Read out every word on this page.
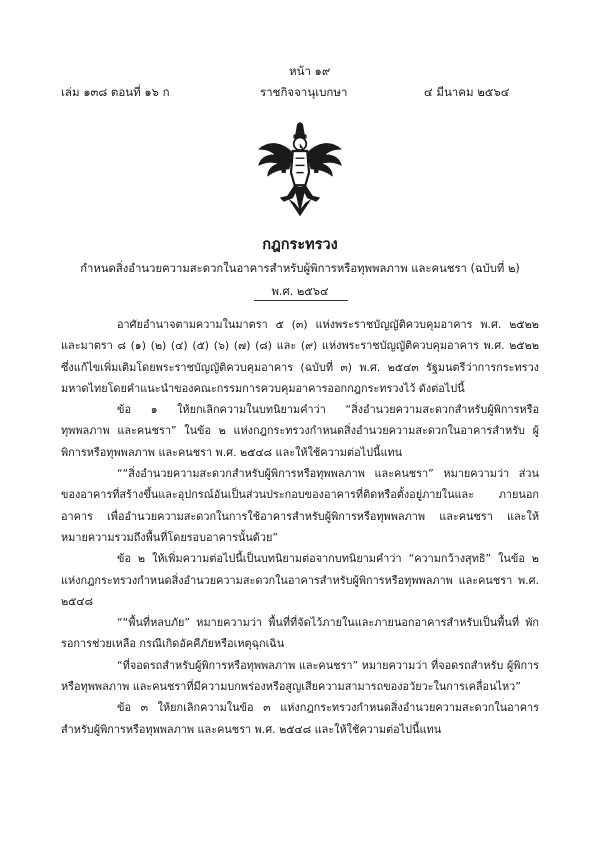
หน้า ๑๙
เล่ม ๑๓๘ ตอนที่ ๑๖ ก	ราชกิจจานุเบกษา	๔ มีนาคม ๒๕๖๔
กฎกระทรวง
กำหนดสิ่งอำนวยความสะดวกในอาคารสำหรับผู้พิการหรือทุพพลภาพ และคนชรา (ฉบับที่ ๒)
พ.ศ. ๒๕๖๔

อาศัยอำนาจตามความในมาตรา ๕ (๓) แห่งพระราชบัญญัติควบคุมอาคาร พ.ศ. ๒๕๒๒ และมาตรา ๘ (๑) (๒) (๔) (๕) (๖) (๗) (๘) และ (๙) แห่งพระราชบัญญัติควบคุมอาคาร พ.ศ. ๒๕๒๒ ซึ่งแก้ไขเพิ่มเติมโดยพระราชบัญญัติควบคุมอาคาร (ฉบับที่ ๓) พ.ศ. ๒๕๔๓ รัฐมนตรีว่าการกระทรวงมหาดไทยโดยคำแนะนำของคณะกรรมการควบคุมอาคารออกกฎกระทรวงไว้ ดังต่อไปนี้

ข้อ ๑ ให้ยกเลิกความในบทนิยามคำว่า “สิ่งอำนวยความสะดวกสำหรับผู้พิการหรือ ทุพพลภาพ และคนชรา” ในข้อ ๒ แห่งกฎกระทรวงกำหนดสิ่งอำนวยความสะดวกในอาคารสำหรับ ผู้พิการหรือทุพพลภาพ และคนชรา พ.ศ. ๒๕๔๘ และให้ใช้ความต่อไปนี้แทน

““สิ่งอำนวยความสะดวกสำหรับผู้พิการหรือทุพพลภาพ และคนชรา” หมายความว่า ส่วนของอาคารที่สร้างขึ้นและอุปกรณ์อันเป็นส่วนประกอบของอาคารที่ติดหรือตั้งอยู่ภายในและ ภายนอกอาคาร เพื่ออำนวยความสะดวกในการใช้อาคารสำหรับผู้พิการหรือทุพพลภาพ และคนชรา และให้หมายความรวมถึงพื้นที่โดยรอบอาคารนั้นด้วย”

ข้อ ๒ ให้เพิ่มความต่อไปนี้เป็นบทนิยามต่อจากบทนิยามคำว่า “ความกว้างสุทธิ” ในข้อ ๒ แห่งกฎกระทรวงกำหนดสิ่งอำนวยความสะดวกในอาคารสำหรับผู้พิการหรือทุพพลภาพ และคนชรา พ.ศ. ๒๕๔๘

““พื้นที่หลบภัย” หมายความว่า พื้นที่ที่จัดไว้ภายในและภายนอกอาคารสำหรับเป็นพื้นที่ พักรอการช่วยเหลือ กรณีเกิดอัคคีภัยหรือเหตุฉุกเฉิน

“ที่จอดรถสำหรับผู้พิการหรือทุพพลภาพ และคนชรา” หมายความว่า ที่จอดรถสำหรับ ผู้พิการหรือทุพพลภาพ และคนชราที่มีความบกพร่องหรือสูญเสียความสามารถของอวัยวะในการเคลื่อนไหว”

ข้อ ๓ ให้ยกเลิกความในข้อ ๓ แห่งกฎกระทรวงกำหนดสิ่งอำนวยความสะดวกในอาคาร สำหรับผู้พิการหรือทุพพลภาพ และคนชรา พ.ศ. ๒๕๔๘ และให้ใช้ความต่อไปนี้แทน
